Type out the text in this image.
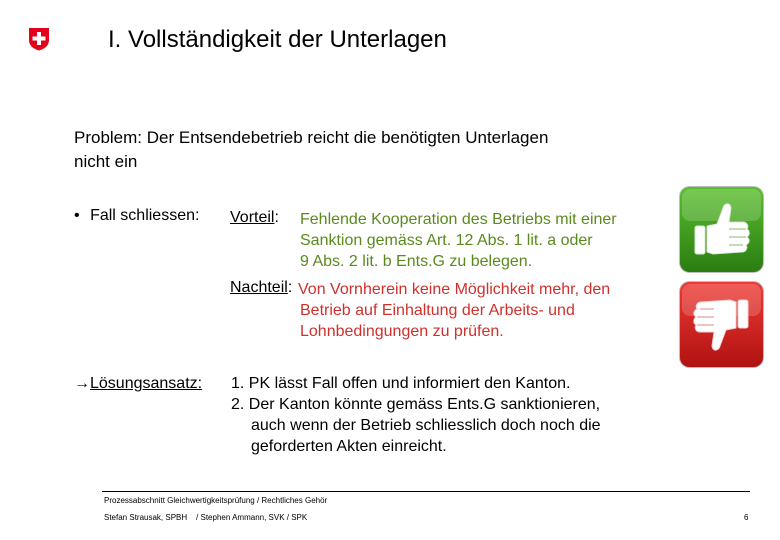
I. Vollständigkeit der Unterlagen
Problem: Der Entsendebetrieb reicht die benötigten Unterlagen
nicht ein
• Fall schliessen: Vorteil: Fehlende Kooperation des Betriebs mit einer
Sanktion gemäss Art. 12 Abs. 1 lit. a oder
9 Abs. 2 lit. b Ents.G zu belegen.
Nachteil: Von Vornherein keine Möglichkeit mehr, den
Betrieb auf Einhaltung der Arbeits- und
Lohnbedingungen zu prüfen.
→Lösungsansatz: 1. PK lässt Fall offen und informiert den Kanton.
2. Der Kanton könnte gemäss Ents.G sanktionieren,
auch wenn der Betrieb schliesslich doch noch die
geforderten Akten einreicht.
Prozessabschnitt Gleichwertigkeitsprüfung / Rechtliches Gehör
Stefan Strausak, SPBH    / Stephen Ammann, SVK / SPK	6
